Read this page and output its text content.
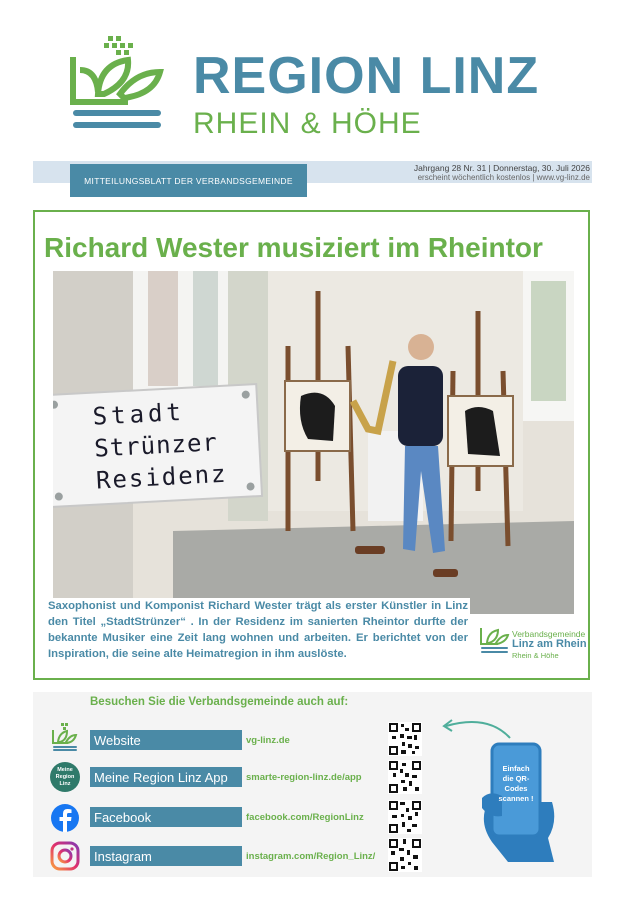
REGION LINZ
RHEIN & HÖHE
MITTEILUNGSBLATT DER VERBANDSGEMEINDE
Jahrgang 28 Nr. 31 | Donnerstag, 30. Juli 2026
erscheint wöchentlich kostenlos | www.vg-linz.de
Richard Wester musiziert im Rheintor
Stadt
Strünzer
Residenz
Saxophonist und Komponist Richard Wester trägt als erster Künstler in Linz den Titel „StadtStrünzer“ . In der Residenz im sanierten Rheintor durfte der bekannte Musiker eine Zeit lang wohnen und arbeiten. Er berichtet von der Inspiration, die seine alte Heimatregion in ihm auslöste.
Verbandsgemeinde
Linz am Rhein
Rhein & Höhe
Besuchen Sie die Verbandsgemeinde auch auf:
Website	vg-linz.de
Meine Region Linz	Meine Region Linz App	smarte-region-linz.de/app
Facebook	facebook.com/RegionLinz
Instagram	instagram.com/Region_Linz/
Einfach die QR-Codes scannen !
